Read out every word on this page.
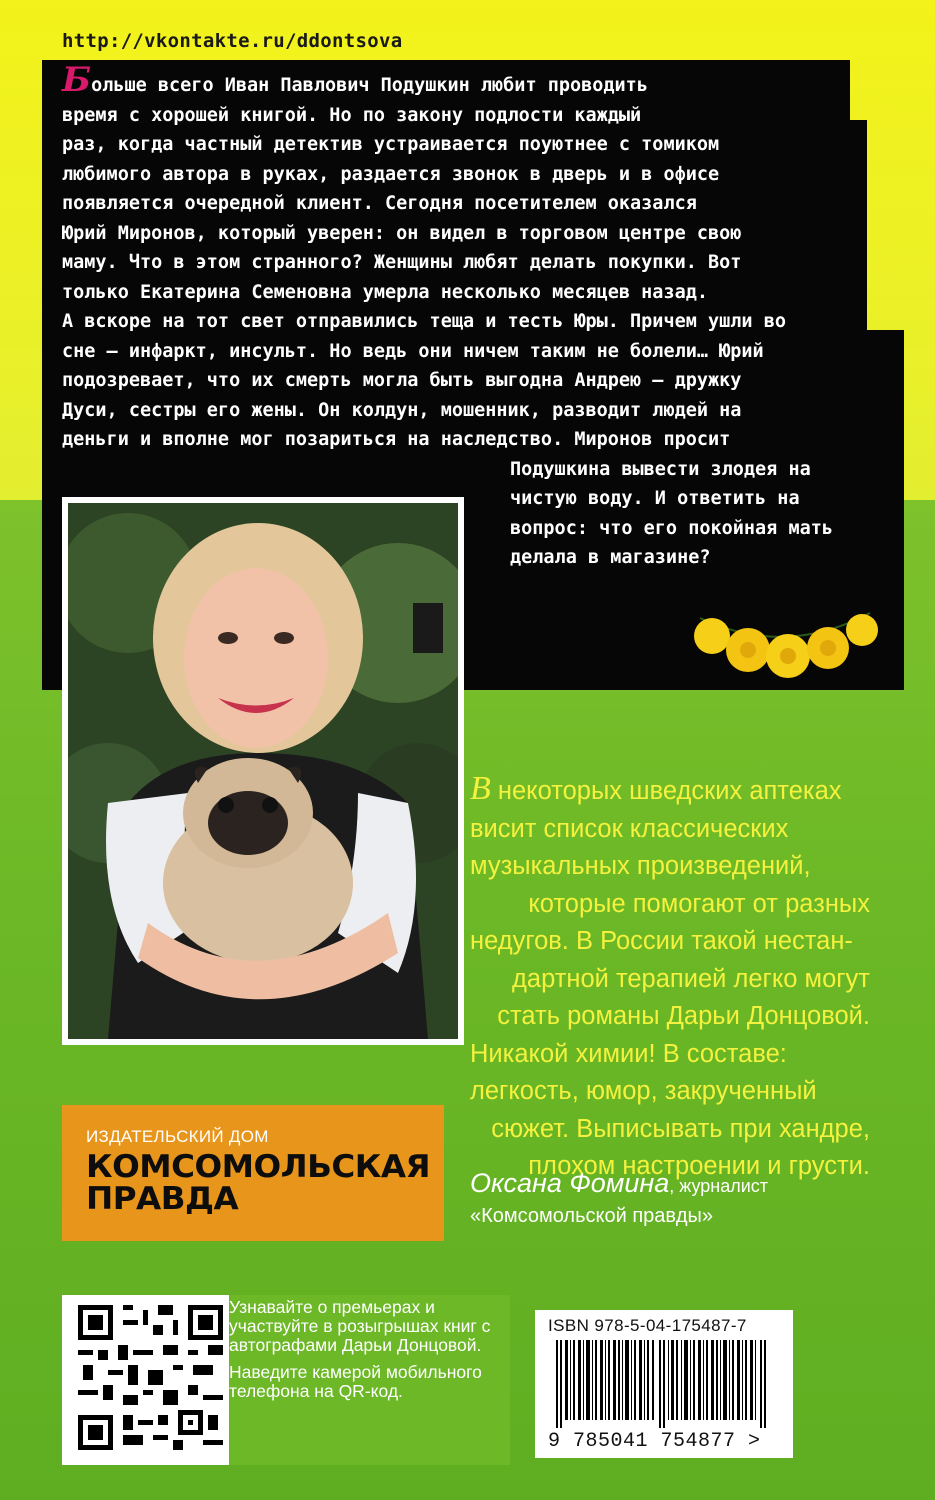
http://vkontakte.ru/ddontsova

Больше всего Иван Павлович Подушкин любит проводить

время с хорошей книгой. Но по закону подлости каждый

раз, когда частный детектив устраивается поуютнее с томиком

любимого автора в руках, раздается звонок в дверь и в офисе

появляется очередной клиент. Сегодня посетителем оказался

Юрий Миронов, который уверен: он видел в торговом центре свою

маму. Что в этом странного? Женщины любят делать покупки. Вот

только Екатерина Семеновна умерла несколько месяцев назад.

А вскоре на тот свет отправились теща и тесть Юры. Причем ушли во

сне — инфаркт, инсульт. Но ведь они ничем таким не болели… Юрий

подозревает, что их смерть могла быть выгодна Андрею — дружку

Дуси, сестры его жены. Он колдун, мошенник, разводит людей на

деньги и вполне мог позариться на наследство. Миронов просит

Подушкина вывести злодея на

чистую воду. И ответить на

вопрос: что его покойная мать

делала в магазине?

В некоторых шведских аптеках
висит список классических
музыкальных произведений,
которые помогают от разных
недугов. В России такой нестан-
дартной терапией легко могут
стать романы Дарьи Донцовой.
Никакой химии! В составе:
легкость, юмор, закрученный
сюжет. Выписывать при хандре,
плохом настроении и грусти.
Оксана Фомина, журналист
«Комсомольской правды»
ИЗДАТЕЛЬСКИЙ ДОМ
КОМСОМОЛЬСКАЯ
ПРАВДА
Узнавайте о премьерах и участвуйте в розыгрышах книг с автографами Дарьи Донцовой.
Наведите камерой мобильного телефона на QR-код.
ISBN 978-5-04-175487-7
9 785041 754877 >
